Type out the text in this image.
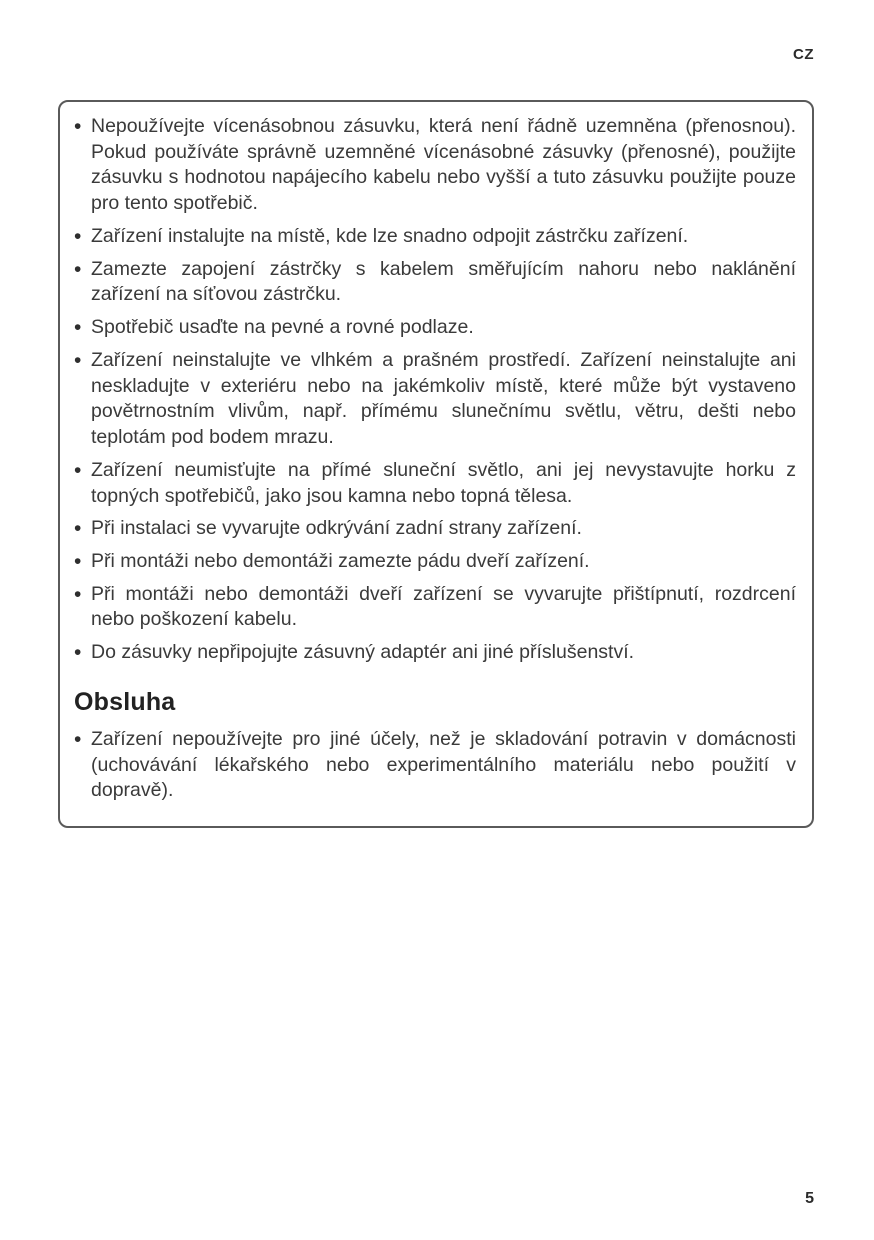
CZ
• Nepoužívejte vícenásobnou zásuvku, která není řádně uzemněna (přenosnou). Pokud používáte správně uzemněné vícenásobné zásuvky (přenosné), použijte zásuvku s hodnotou napájecího kabelu nebo vyšší a tuto zásuvku použijte pouze pro tento spotřebič.
• Zařízení instalujte na místě, kde lze snadno odpojit zástrčku zařízení.
• Zamezte zapojení zástrčky s kabelem směřujícím nahoru nebo naklánění zařízení na síťovou zástrčku.
• Spotřebič usaďte na pevné a rovné podlaze.
• Zařízení neinstalujte ve vlhkém a prašném prostředí. Zařízení neinstalujte ani neskladujte v exteriéru nebo na jakémkoliv místě, které může být vystaveno povětrnostním vlivům, např. přímému slunečnímu světlu, větru, dešti nebo teplotám pod bodem mrazu.
• Zařízení neumisťujte na přímé sluneční světlo, ani jej nevystavujte horku z topných spotřebičů, jako jsou kamna nebo topná tělesa.
• Při instalaci se vyvarujte odkrývání zadní strany zařízení.
• Při montáži nebo demontáži zamezte pádu dveří zařízení.
• Při montáži nebo demontáži dveří zařízení se vyvarujte přištípnutí, rozdrcení nebo poškození kabelu.
• Do zásuvky nepřipojujte zásuvný adaptér ani jiné příslušenství.
Obsluha
• Zařízení nepoužívejte pro jiné účely, než je skladování potravin v domácnosti (uchovávání lékařského nebo experimentálního materiálu nebo použití v dopravě).
5
